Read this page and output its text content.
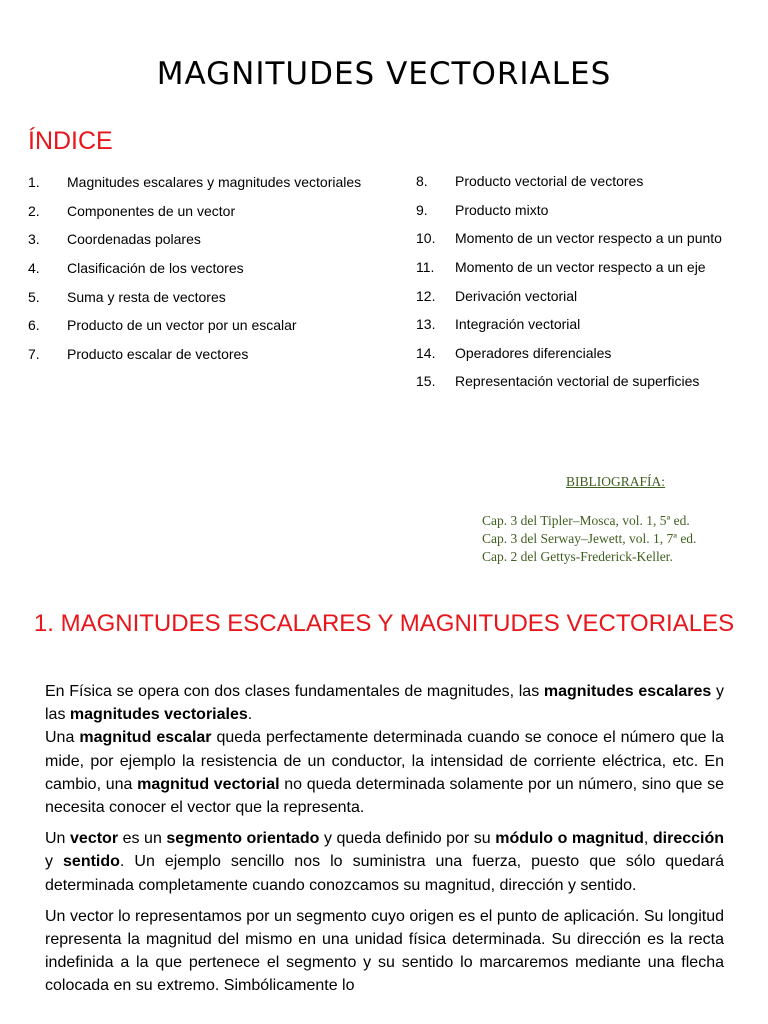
MAGNITUDES VECTORIALES
ÍNDICE
1.	Magnitudes escalares y magnitudes vectoriales
2.	Componentes de un vector
3.	Coordenadas polares
4.	Clasificación de los vectores
5.	Suma y resta de vectores
6.	Producto de un vector por un escalar
7.	Producto escalar de vectores
8.	Producto vectorial de vectores
9.	Producto mixto
10.	Momento de un vector respecto a un punto
11.	Momento de un vector respecto a un eje
12.	Derivación vectorial
13.	Integración vectorial
14.	Operadores diferenciales
15.	Representación vectorial de superficies
BIBLIOGRAFÍA:
Cap. 3 del Tipler–Mosca, vol. 1, 5ª ed.
Cap. 3 del Serway–Jewett, vol. 1, 7ª ed.
Cap. 2 del Gettys-Frederick-Keller.
1. MAGNITUDES ESCALARES Y MAGNITUDES VECTORIALES

En Física se opera con dos clases fundamentales de magnitudes, las magnitudes escalares y las magnitudes vectoriales.

Una magnitud escalar queda perfectamente determinada cuando se conoce el número que la mide, por ejemplo la resistencia de un conductor, la intensidad de corriente eléctrica, etc. En cambio, una magnitud vectorial no queda determinada solamente por un número, sino que se necesita conocer el vector que la representa.

Un vector es un segmento orientado y queda definido por su módulo o magnitud, dirección y sentido. Un ejemplo sencillo nos lo suministra una fuerza, puesto que sólo quedará determinada completamente cuando conozcamos su magnitud, dirección y sentido.

Un vector lo representamos por un segmento cuyo origen es el punto de aplicación. Su longitud representa la magnitud del mismo en una unidad física determinada. Su dirección es la recta indefinida a la que pertenece el segmento y su sentido lo marcaremos mediante una flecha colocada en su extremo. Simbólicamente lo
